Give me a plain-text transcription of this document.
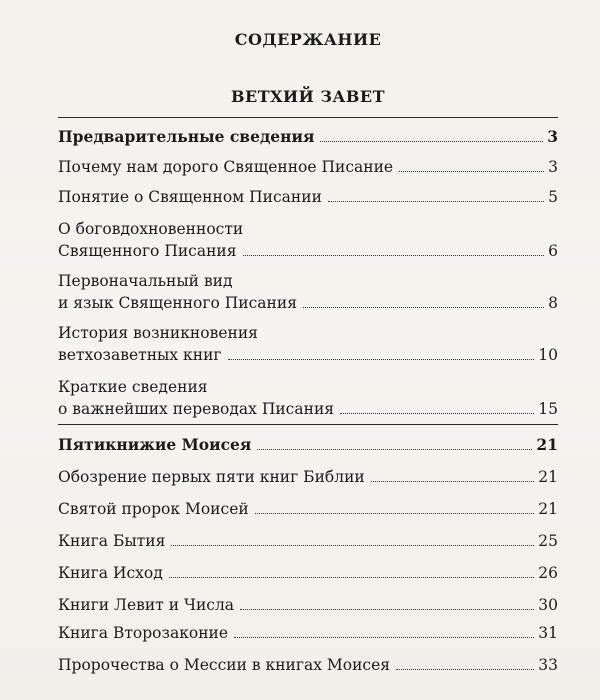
СОДЕРЖАНИЕ
ВЕТХИЙ ЗАВЕТ
Предварительные сведения	3
Почему нам дорого Священное Писание	3
Понятие о Священном Писании	5
О боговдохновенности
Священного Писания	6
Первоначальный вид
и язык Священного Писания	8
История возникновения
ветхозаветных книг	10
Краткие сведения
о важнейших переводах Писания	15
Пятикнижие Моисея	21
Обозрение первых пяти книг Библии	21
Святой пророк Моисей	21
Книга Бытия	25
Книга Исход	26
Книги Левит и Числа	30
Книга Второзаконие	31
Пророчества о Мессии в книгах Моисея	33
